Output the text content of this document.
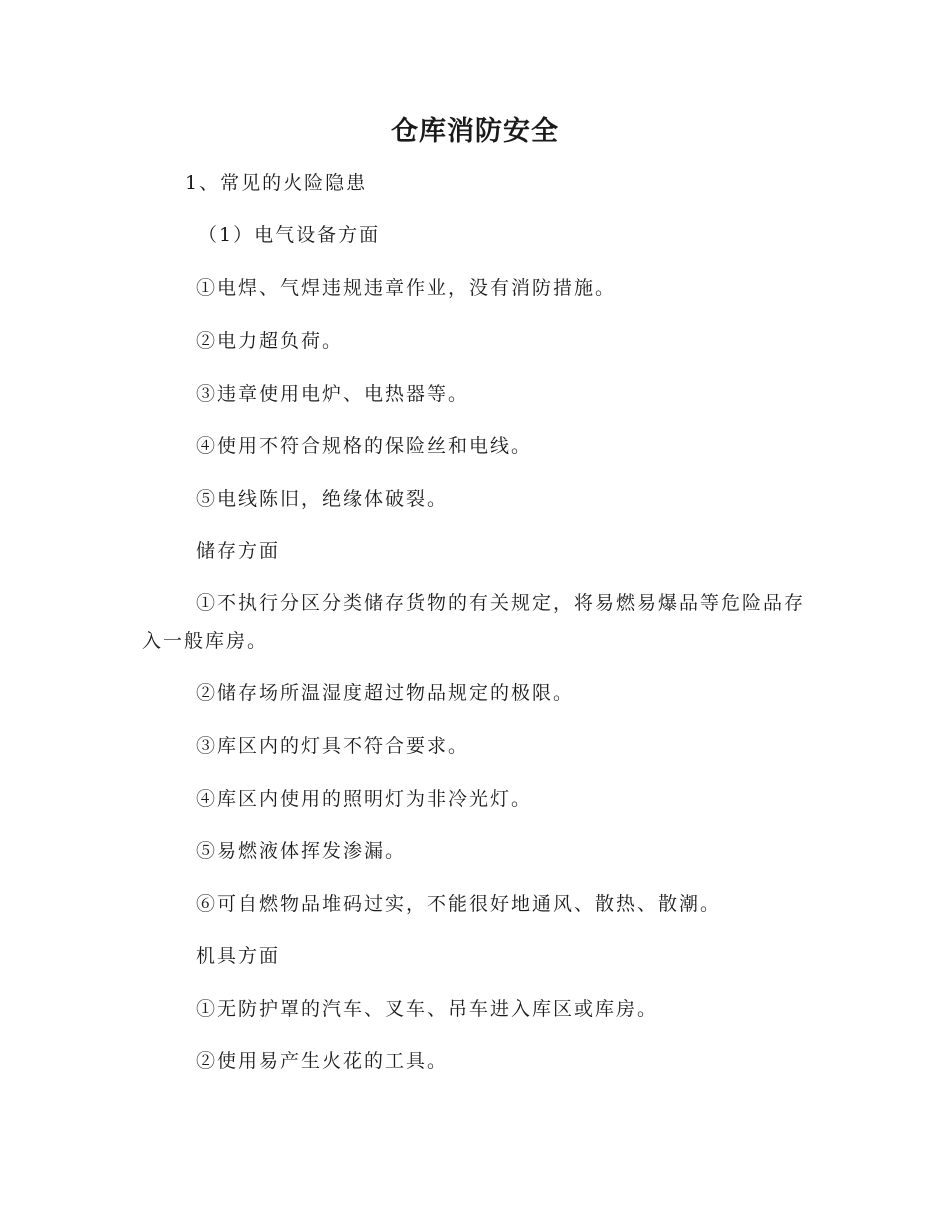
仓库消防安全
1、常见的火险隐患
（1）电气设备方面
①电焊、气焊违规违章作业，没有消防措施。
②电力超负荷。
③违章使用电炉、电热器等。
④使用不符合规格的保险丝和电线。
⑤电线陈旧，绝缘体破裂。
储存方面
①不执行分区分类储存货物的有关规定，将易燃易爆品等危险品存入一般库房。
②储存场所温湿度超过物品规定的极限。
③库区内的灯具不符合要求。
④库区内使用的照明灯为非冷光灯。
⑤易燃液体挥发渗漏。
⑥可自燃物品堆码过实，不能很好地通风、散热、散潮。
机具方面
①无防护罩的汽车、叉车、吊车进入库区或库房。
②使用易产生火花的工具。
